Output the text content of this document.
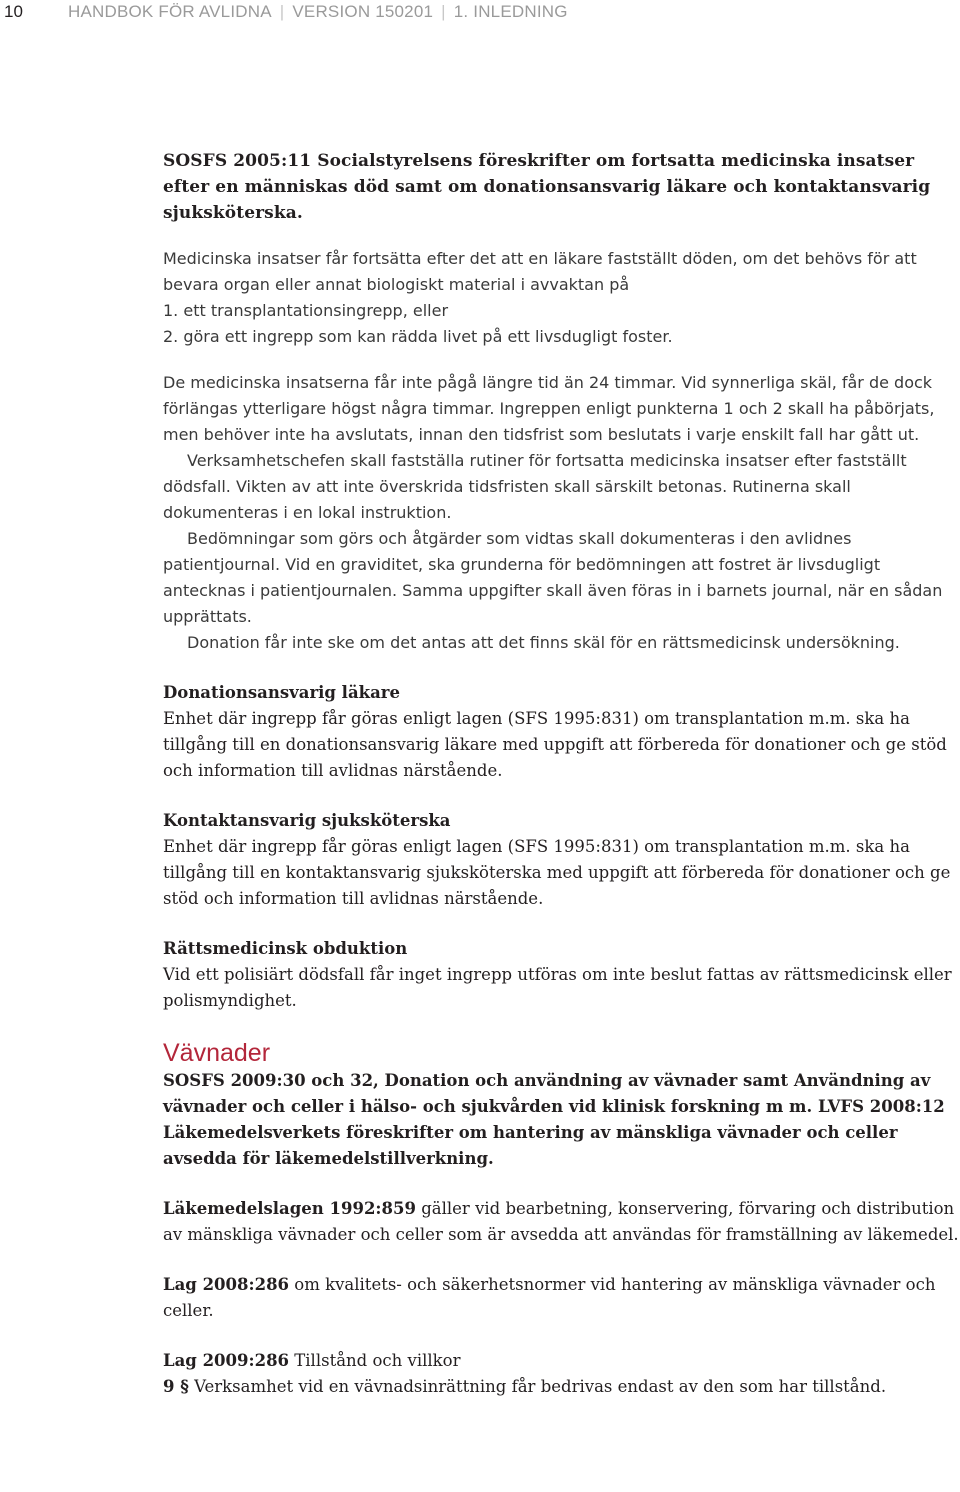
10	HANDBOK FÖR AVLIDNA | VERSION 150201 | 1. INLEDNING

SOSFS 2005:11 Socialstyrelsens föreskrifter om fortsatta medicinska insatser efter en människas död samt om donationsansvarig läkare och kontaktansvarig sjuksköterska.

Medicinska insatser får fortsätta efter det att en läkare fastställt döden, om det behövs för att bevara organ eller annat biologiskt material i avvaktan på

1. ett transplantationsingrepp, eller

2. göra ett ingrepp som kan rädda livet på ett livsdugligt foster.

De medicinska insatserna får inte pågå längre tid än 24 timmar. Vid synnerliga skäl, får de dock förlängas ytterligare högst några timmar. Ingreppen enligt punkterna 1 och 2 skall ha påbörjats, men behöver inte ha avslutats, innan den tidsfrist som beslutats i varje enskilt fall har gått ut.

Verksamhetschefen skall fastställa rutiner för fortsatta medicinska insatser efter fastställt dödsfall. Vikten av att inte överskrida tidsfristen skall särskilt betonas. Rutinerna skall dokumenteras i en lokal instruktion.

Bedömningar som görs och åtgärder som vidtas skall dokumenteras i den avlidnes patientjournal. Vid en graviditet, ska grunderna för bedömningen att fostret är livsdugligt antecknas i patientjournalen. Samma uppgifter skall även föras in i barnets journal, när en sådan upprättats.

Donation får inte ske om det antas att det finns skäl för en rättsmedicinsk undersökning.

Donationsansvarig läkare

Enhet där ingrepp får göras enligt lagen (SFS 1995:831) om transplantation m.m. ska ha tillgång till en donationsansvarig läkare med uppgift att förbereda för donationer och ge stöd och information till avlidnas närstående.

Kontaktansvarig sjuksköterska

Enhet där ingrepp får göras enligt lagen (SFS 1995:831) om transplantation m.m. ska ha tillgång till en kontaktansvarig sjuksköterska med uppgift att förbereda för donationer och ge stöd och information till avlidnas närstående.

Rättsmedicinsk obduktion

Vid ett polisiärt dödsfall får inget ingrepp utföras om inte beslut fattas av rättsmedicinsk eller polismyndighet.

Vävnader

SOSFS 2009:30 och 32, Donation och användning av vävnader samt Användning av vävnader och celler i hälso- och sjukvården vid klinisk forskning m m. LVFS 2008:12 Läkemedelsverkets föreskrifter om hantering av mänskliga vävnader och celler avsedda för läkemedelstillverkning.

Läkemedelslagen 1992:859 gäller vid bearbetning, konservering, förvaring och distribution av mänskliga vävnader och celler som är avsedda att användas för framställning av läkemedel.

Lag 2008:286 om kvalitets- och säkerhetsnormer vid hantering av mänskliga vävnader och celler.

Lag 2009:286 Tillstånd och villkor

9 § Verksamhet vid en vävnadsinrättning får bedrivas endast av den som har tillstånd.
